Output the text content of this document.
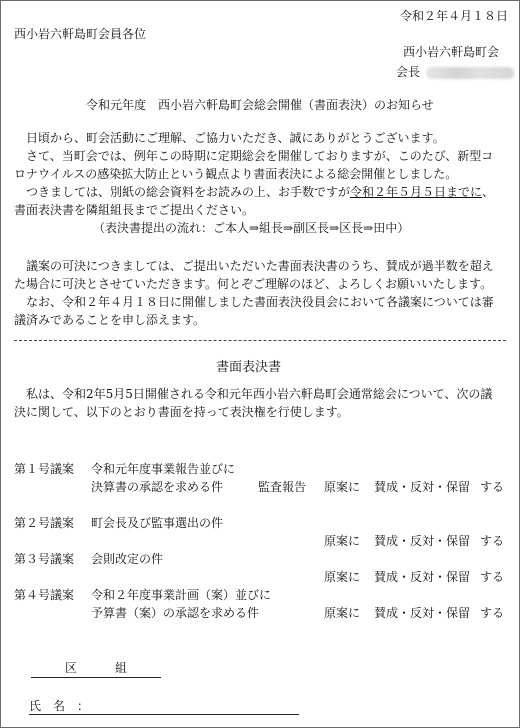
令和２年４月１８日
西小岩六軒島町会員各位
西小岩六軒島町会
会長
令和元年度　西小岩六軒島町会総会開催（書面表決）のお知らせ
日頃から、町会活動にご理解、ご協力いただき、誠にありがとうございます。
さて、当町会では、例年この時期に定期総会を開催しておりますが、このたび、新型コロナウイルスの感染拡大防止という観点より書面表決による総会開催としました。
つきましては、別紙の総会資料をお読みの上、お手数ですが令和２年５月５日までに、書面表決書を隣組組長までご提出ください。
（表決書提出の流れ：ご本人⇒組長⇒副区長⇒区長⇒田中）
議案の可決につきましては、ご提出いただいた書面表決書のうち、賛成が過半数を超えた場合に可決とさせていただきます。何とぞご理解のほど、よろしくお願いいたします。
なお、令和２年４月１８日に開催しました書面表決役員会において各議案については審議済みであることを申し添えます。
書面表決書
私は、令和2年5月5日開催される令和元年西小岩六軒島町会通常総会について、次の議決に関して、以下のとおり書面を持って表決権を行使します。
第１号議案 令和元年度事業報告並びに
決算書の承認を求める件	監査報告 原案に 賛成・反対・保留 する
第２号議案 町会長及び監事選出の件
原案に 賛成・反対・保留 する
第３号議案 会則改定の件
原案に 賛成・反対・保留 する
第４号議案 令和２年度事業計画（案）並びに
予算書（案）の承認を求める件	原案に 賛成・反対・保留 する
区	組
氏　名　：
